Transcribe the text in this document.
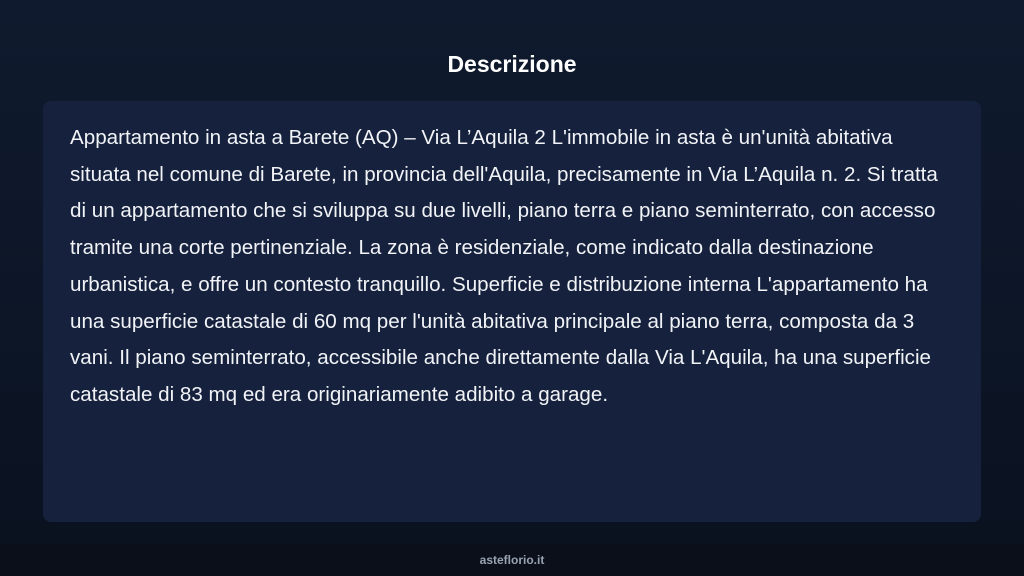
Descrizione

Appartamento in asta a Barete (AQ) – Via L’Aquila 2 L'immobile in asta è un'unità abitativa situata nel comune di Barete, in provincia dell'Aquila, precisamente in Via L’Aquila n. 2. Si tratta di un appartamento che si sviluppa su due livelli, piano terra e piano seminterrato, con accesso tramite una corte pertinenziale. La zona è residenziale, come indicato dalla destinazione urbanistica, e offre un contesto tranquillo. Superficie e distribuzione interna L'appartamento ha una superficie catastale di 60 mq per l'unità abitativa principale al piano terra, composta da 3 vani. Il piano seminterrato, accessibile anche direttamente dalla Via L'Aquila, ha una superficie catastale di 83 mq ed era originariamente adibito a garage.

asteflorio.it
